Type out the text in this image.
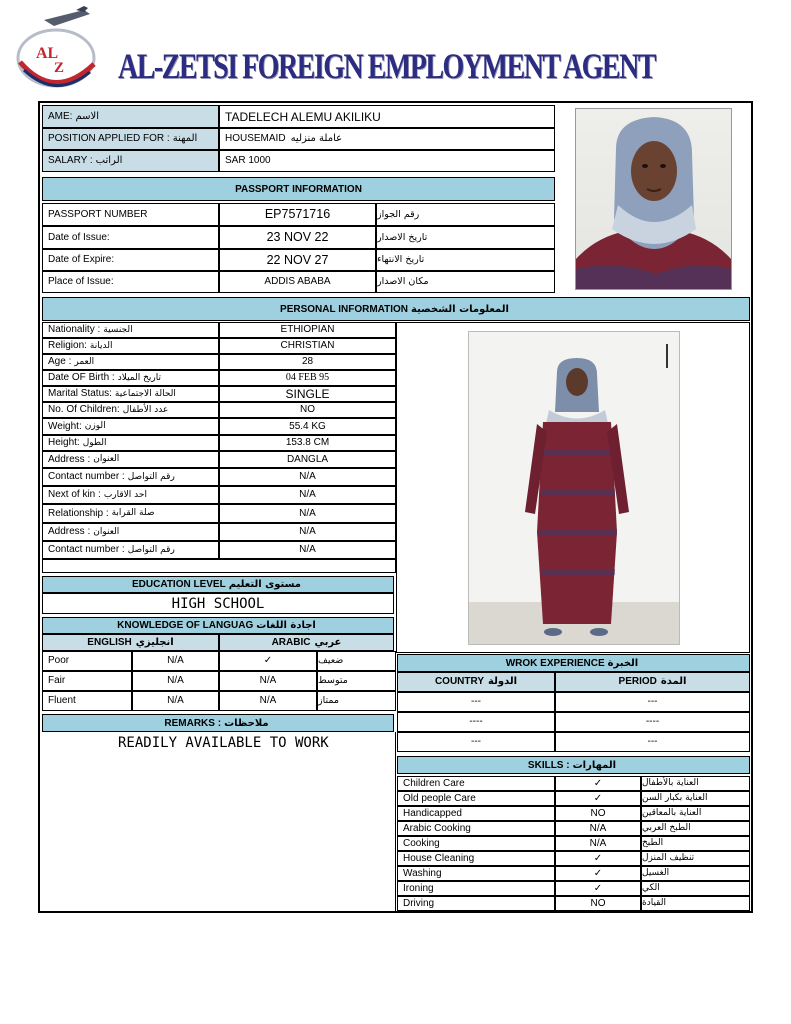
AL
Z AL-ZETSI FOREIGN EMPLOYMENT AGENT
AME: الاسم	TADELECH ALEMU AKILIKU
POSITION APPLIED FOR : المهنة	HOUSEMAID عاملة منزليه
SALARY : الراتب	SAR 1000
PASSPORT INFORMATION
PASSPORT NUMBER	EP7571716	رقم الجواز
Date of Issue:	23 NOV 22	تاريخ الاصدار
Date of Expire:	22 NOV 27	تاريخ الانتهاء
Place of Issue:	ADDIS ABABA	مكان الاصدار
PERSONAL INFORMATION المعلومات الشخصية
Nationality : الجنسية	ETHIOPIAN
Religion: الديانة	CHRISTIAN
Age : العمر	28
Date OF Birth : تاريخ الميلاد	04 FEB 95
Marital Status: الحالة الاجتماعية	SINGLE
No. Of Children: عدد الأطفال	NO
Weight: الوزن	55.4 KG
Height: الطول	153.8 CM
Address : العنوان	DANGLA
Contact number : رقم التواصل	N/A
Next of kin : احد الاقارب	N/A
Relationship : صلة القرابة	N/A
Address : العنوان	N/A
Contact number : رقم التواصل	N/A
EDUCATION LEVEL مستوى التعليم
HIGH SCHOOL
KNOWLEDGE OF LANGUAG اجادة اللغات
ENGLISH انجليزي	ARABIC عربي
Poor	N/A	✓	ضعيف
Fair	N/A	N/A	متوسط
Fluent	N/A	N/A	ممتاز
REMARKS : ملاحظات
READILY AVAILABLE TO WORK
WROK EXPERIENCE الخبرة
COUNTRY الدولة	PERIOD المدة
---	---
----	----
---	---
SKILLS : المهارات
Children Care	✓	العناية بالأطفال
Old people Care	✓	العناية بكبار السن
Handicapped	NO	العناية بالمعاقين
Arabic Cooking	N/A	الطبخ العربي
Cooking	N/A	الطبخ
House Cleaning	✓	تنظيف المنزل
Washing	✓	الغسيل
Ironing	✓	الكي
Driving	NO	القيادة
